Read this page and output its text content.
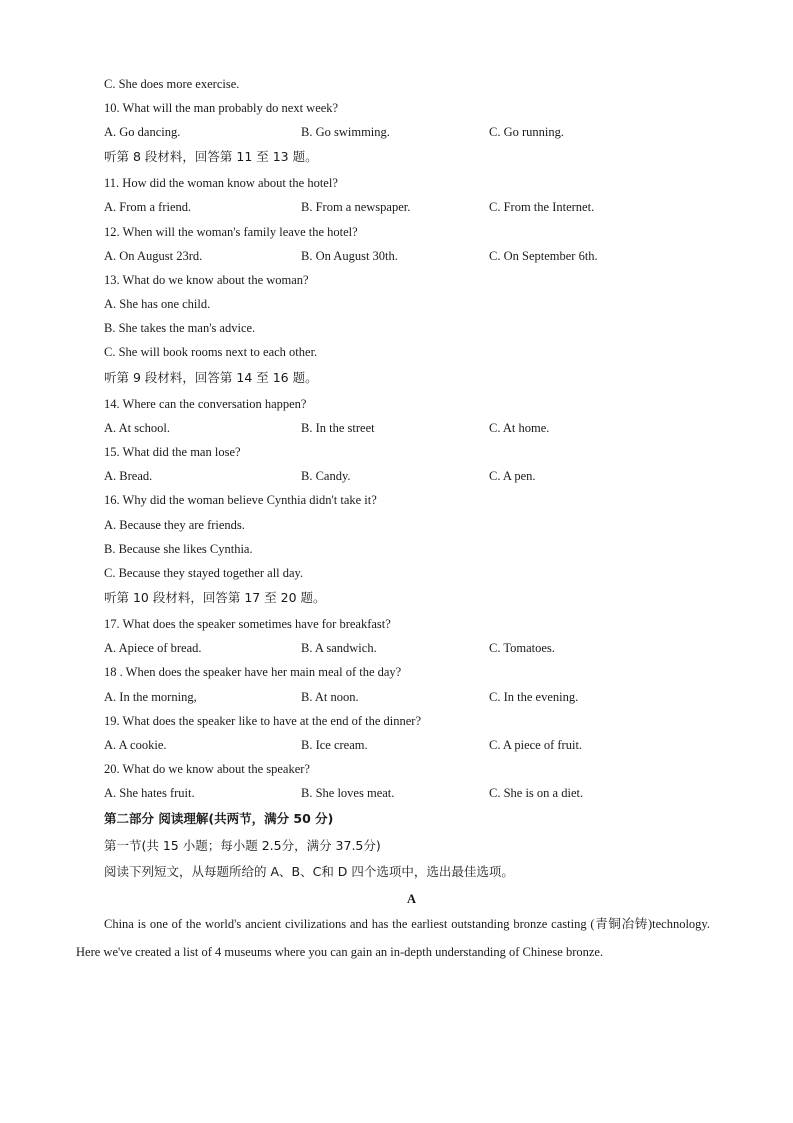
C. She does more exercise.
10. What will the man probably do next week?
A. Go dancing.	B. Go swimming.	C. Go running.
听第 8 段材料，回答第 11 至 13 题。
11. How did the woman know about the hotel?
A. From a friend.	B. From a newspaper.	C. From the Internet.
12. When will the woman's family leave the hotel?
A. On August 23rd.	B. On August 30th.	C. On September 6th.
13. What do we know about the woman?
A. She has one child.
B. She takes the man's advice.
C. She will book rooms next to each other.
听第 9 段材料，回答第 14 至 16 题。
14. Where can the conversation happen?
A. At school.	B. In the street	C. At home.
15. What did the man lose?
A. Bread.	B. Candy.	C. A pen.
16. Why did the woman believe Cynthia didn't take it?
A. Because they are friends.
B. Because she likes Cynthia.
C. Because they stayed together all day.
听第 10 段材料，回答第 17 至 20 题。
17. What does the speaker sometimes have for breakfast?
A. Apiece of bread.	B. A sandwich.	C. Tomatoes.
18 . When does the speaker have her main meal of the day?
A. In the morning,	B. At noon.	C. In the evening.
19. What does the speaker like to have at the end of the dinner?
A. A cookie.	B. Ice cream.	C. A piece of fruit.
20. What do we know about the speaker?
A. She hates fruit.	B. She loves meat.	C. She is on a diet.
第二部分 阅读理解(共两节，满分 50 分)
第一节(共 15 小题；每小题 2.5分，满分 37.5分)
阅读下列短文，从每题所给的 A、B、C和 D 四个选项中，选出最佳选项。
A
China is one of the world's ancient civilizations and has the earliest outstanding bronze casting (青铜冶铸)technology. Here we've created a list of 4 museums where you can gain an in-depth understanding of Chinese bronze.
